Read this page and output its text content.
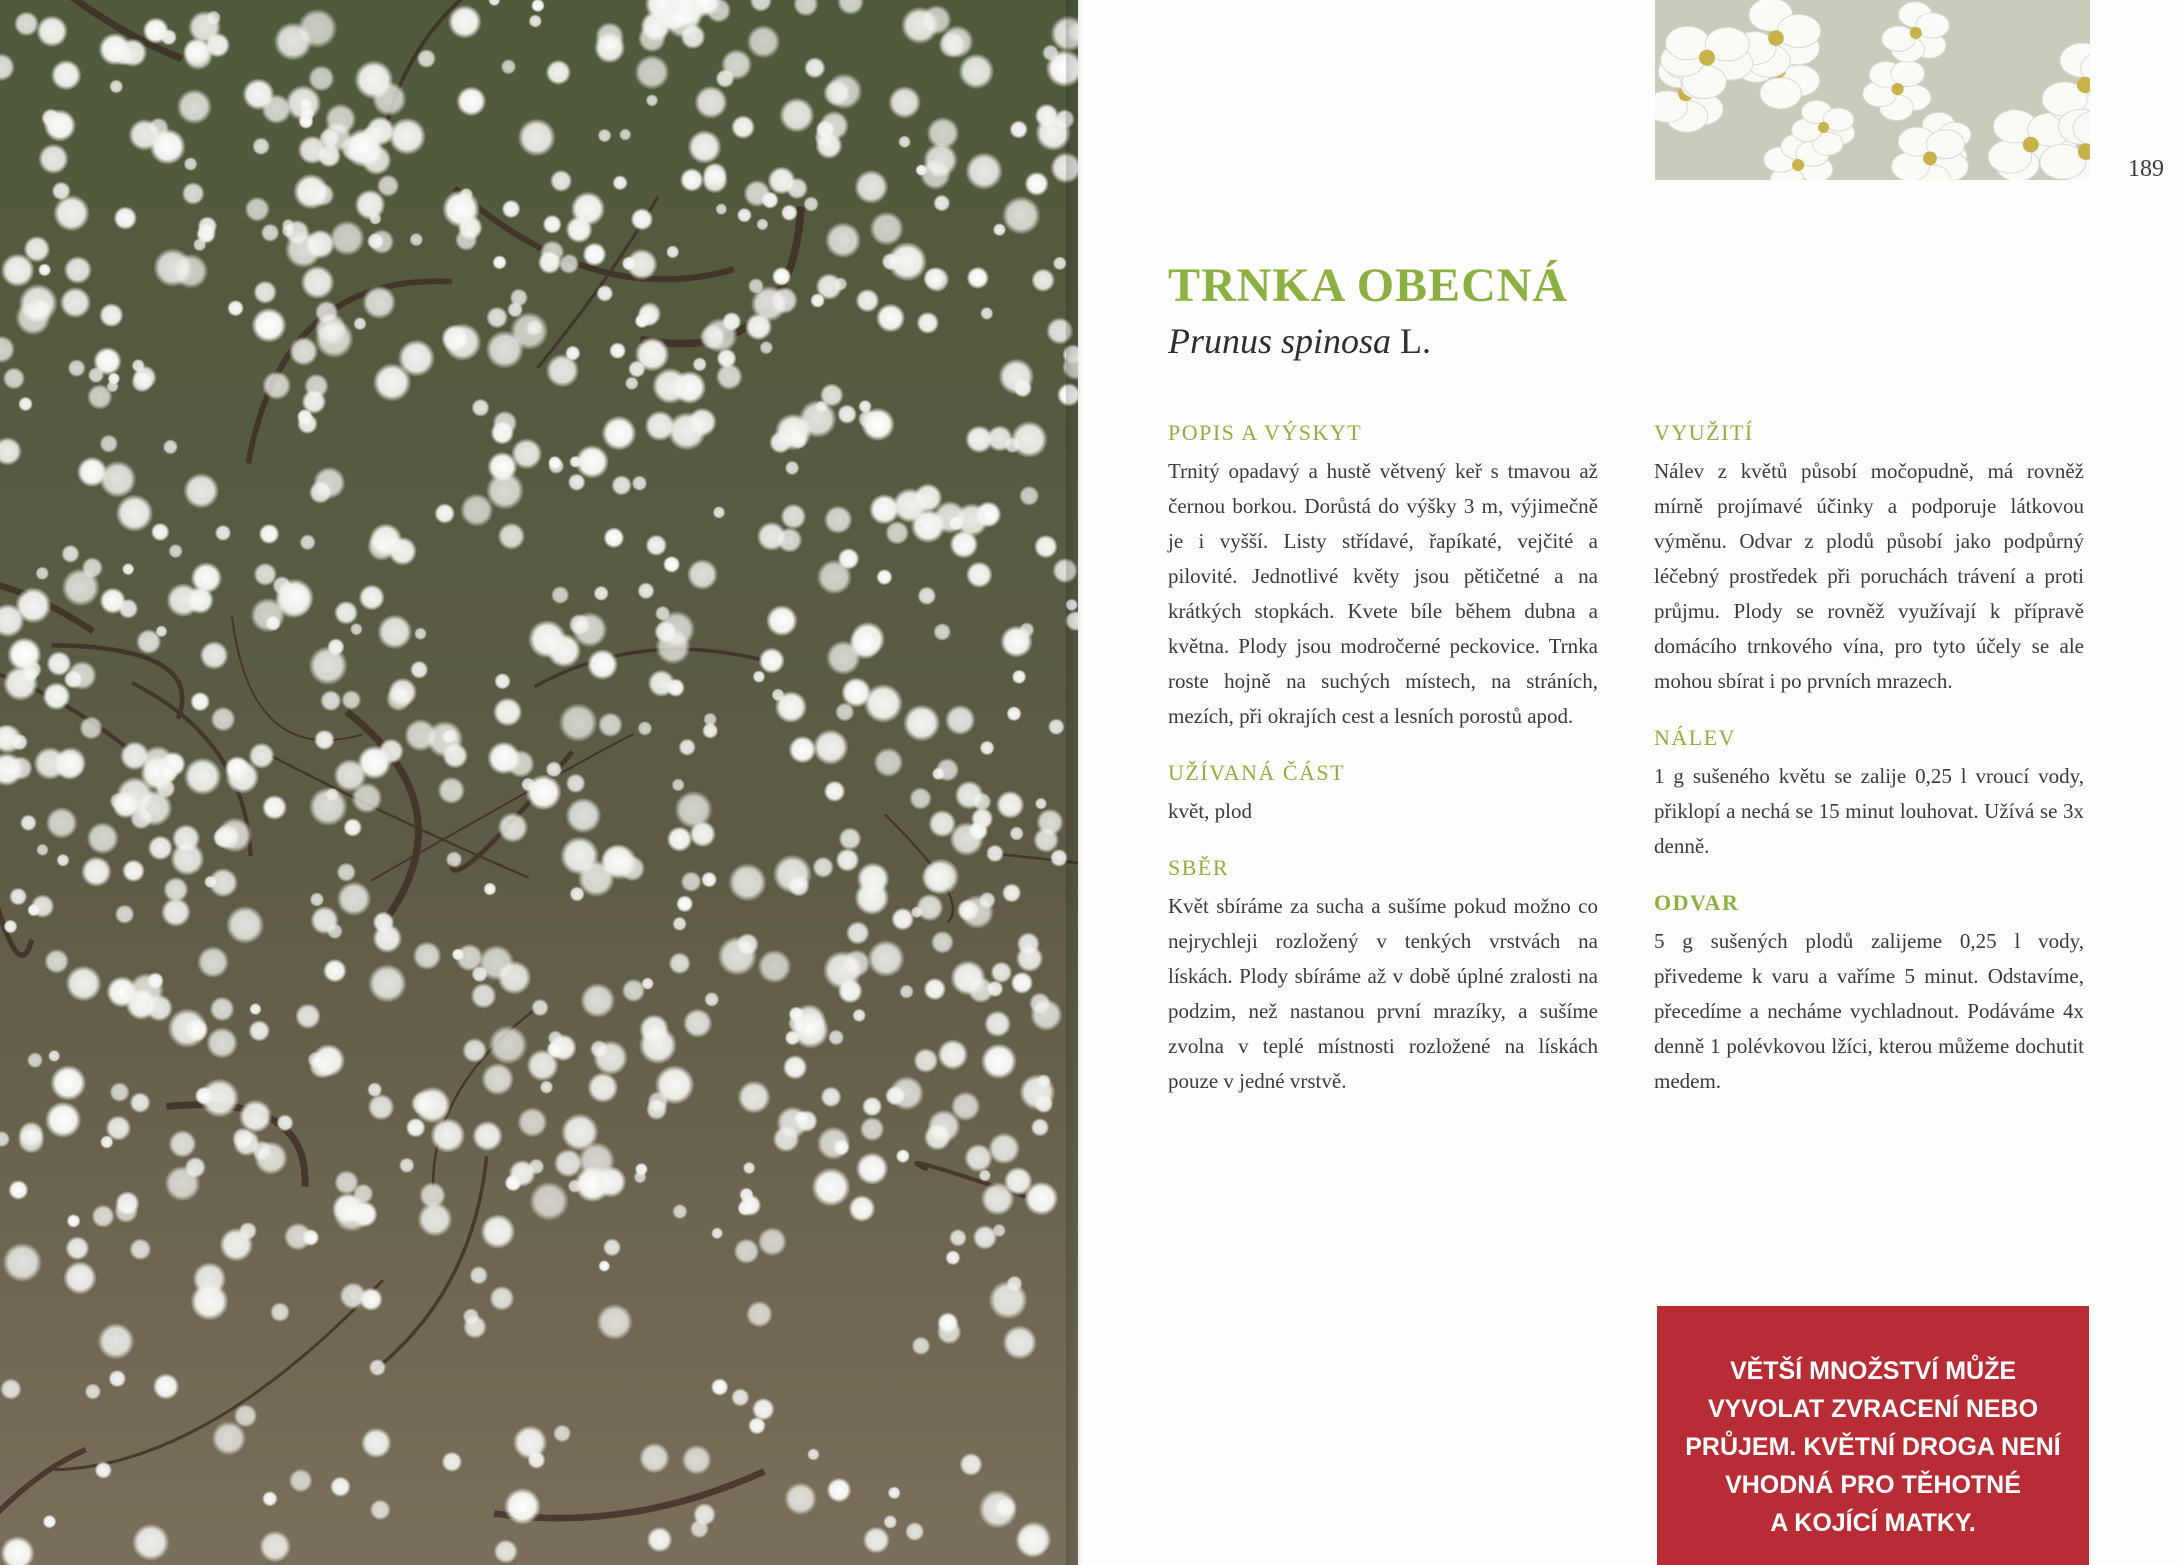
189
TRNKA OBECNÁ

Prunus spinosa L.

POPIS A VÝSKYT

Trnitý opadavý a hustě větvený keř s tmavou až černou borkou. Dorůstá do výšky 3 m, výjimečně je i vyšší. Listy střídavé, řapíkaté, vejčité a pilovité. Jednotlivé květy jsou pětičetné a na krátkých stopkách. Kvete bíle během dubna a května. Plody jsou modročerné peckovice. Trnka roste hojně na suchých místech, na stráních, mezích, při okrajích cest a lesních porostů apod.

UŽÍVANÁ ČÁST

květ, plod

SBĚR

Květ sbíráme za sucha a sušíme pokud možno co nejrychleji rozložený v tenkých vrstvách na lískách. Plody sbíráme až v době úplné zralosti na podzim, než nastanou první mrazíky, a sušíme zvolna v teplé místnosti rozložené na lískách pouze v jedné vrstvě.

VYUŽITÍ

Nálev z květů působí močopudně, má rovněž mírně projímavé účinky a podporuje látkovou výměnu. Odvar z plodů působí jako podpůrný léčebný prostředek při poruchách trávení a proti průjmu. Plody se rovněž využívají k přípravě domácího trnkového vína, pro tyto účely se ale mohou sbírat i po prvních mrazech.

NÁLEV

1 g sušeného květu se zalije 0,25 l vroucí vody, přiklopí a nechá se 15 minut louhovat. Užívá se 3x denně.

ODVAR

5 g sušených plodů zalijeme 0,25 l vody, přivedeme k varu a vaříme 5 minut. Odstavíme, přecedíme a necháme vychladnout. Podáváme 4x denně 1 polévkovou lžíci, kterou můžeme dochutit medem.

VĚTŠÍ MNOŽSTVÍ MŮŽE
VYVOLAT ZVRACENÍ NEBO
PRŮJEM. KVĚTNÍ DROGA NENÍ
VHODNÁ PRO TĚHOTNÉ
A KOJÍCÍ MATKY.
